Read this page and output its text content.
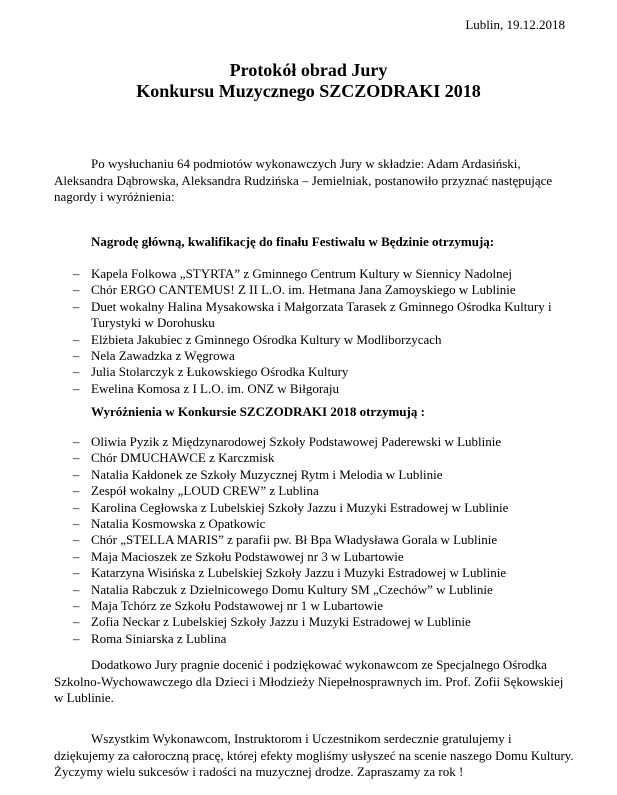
Lublin, 19.12.2018
Protokół obrad Jury
Konkursu Muzycznego SZCZODRAKI 2018

Po wysłuchaniu 64 podmiotów wykonawczych Jury w składzie: Adam Ardasiński, Aleksandra Dąbrowska, Aleksandra Rudzińska – Jemielniak, postanowiło przyznać następujące nagordy i wyróżnienia:

Nagrodę główną, kwalifikację do finału Festiwalu w Będzinie otrzymują:
– Kapela Folkowa „STYRTA” z Gminnego Centrum Kultury w Siennicy Nadolnej
– Chór ERGO CANTEMUS! Z II L.O. im. Hetmana Jana Zamoyskiego w Lublinie
– Duet wokalny Halina Mysakowska i Małgorzata Tarasek z Gminnego Ośrodka Kultury i Turystyki w Dorohusku
– Elżbieta Jakubiec z Gminnego Ośrodka Kultury w Modliborzycach
– Nela Zawadzka z Węgrowa
– Julia Stolarczyk z Łukowskiego Ośrodka Kultury
– Ewelina Komosa z I L.O. im. ONZ w Biłgoraju
Wyróżnienia w Konkursie SZCZODRAKI 2018 otrzymują :
– Oliwia Pyzik z Międzynarodowej Szkoły Podstawowej Paderewski w Lublinie
– Chór DMUCHAWCE z Karczmisk
– Natalia Kałdonek ze Szkoły Muzycznej Rytm i Melodia w Lublinie
– Zespół wokalny „LOUD CREW” z Lublina
– Karolina Cegłowska z Lubelskiej Szkoły Jazzu i Muzyki Estradowej w Lublinie
– Natalia Kosmowska z Opatkowic
– Chór „STELLA MARIS” z parafii pw. Bł Bpa Władysława Gorala w Lublinie
– Maja Macioszek ze Szkołu Podstawowej nr 3 w Lubartowie
– Katarzyna Wisińska z Lubelskiej Szkoły Jazzu i Muzyki Estradowej w Lublinie
– Natalia Rabczuk z Dzielnicowego Domu Kultury SM „Czechów” w Lublinie
– Maja Tchórz ze Szkołu Podstawowej nr 1 w Lubartowie
– Zofia Neckar z Lubelskiej Szkoły Jazzu i Muzyki Estradowej w Lublinie
– Roma Siniarska z Lublina

Dodatkowo Jury pragnie docenić i podziękować wykonawcom ze Specjalnego Ośrodka Szkolno-Wychowawczego dla Dzieci i Młodzieży Niepełnosprawnych im. Prof. Zofii Sękowskiej w Lublinie.

Wszystkim Wykonawcom, Instruktorom i Uczestnikom serdecznie gratulujemy i dziękujemy za całoroczną pracę, której efekty mogliśmy usłyszeć na scenie naszego Domu Kultury. Życzymy wielu sukcesów i radości na muzycznej drodze. Zapraszamy za rok !
